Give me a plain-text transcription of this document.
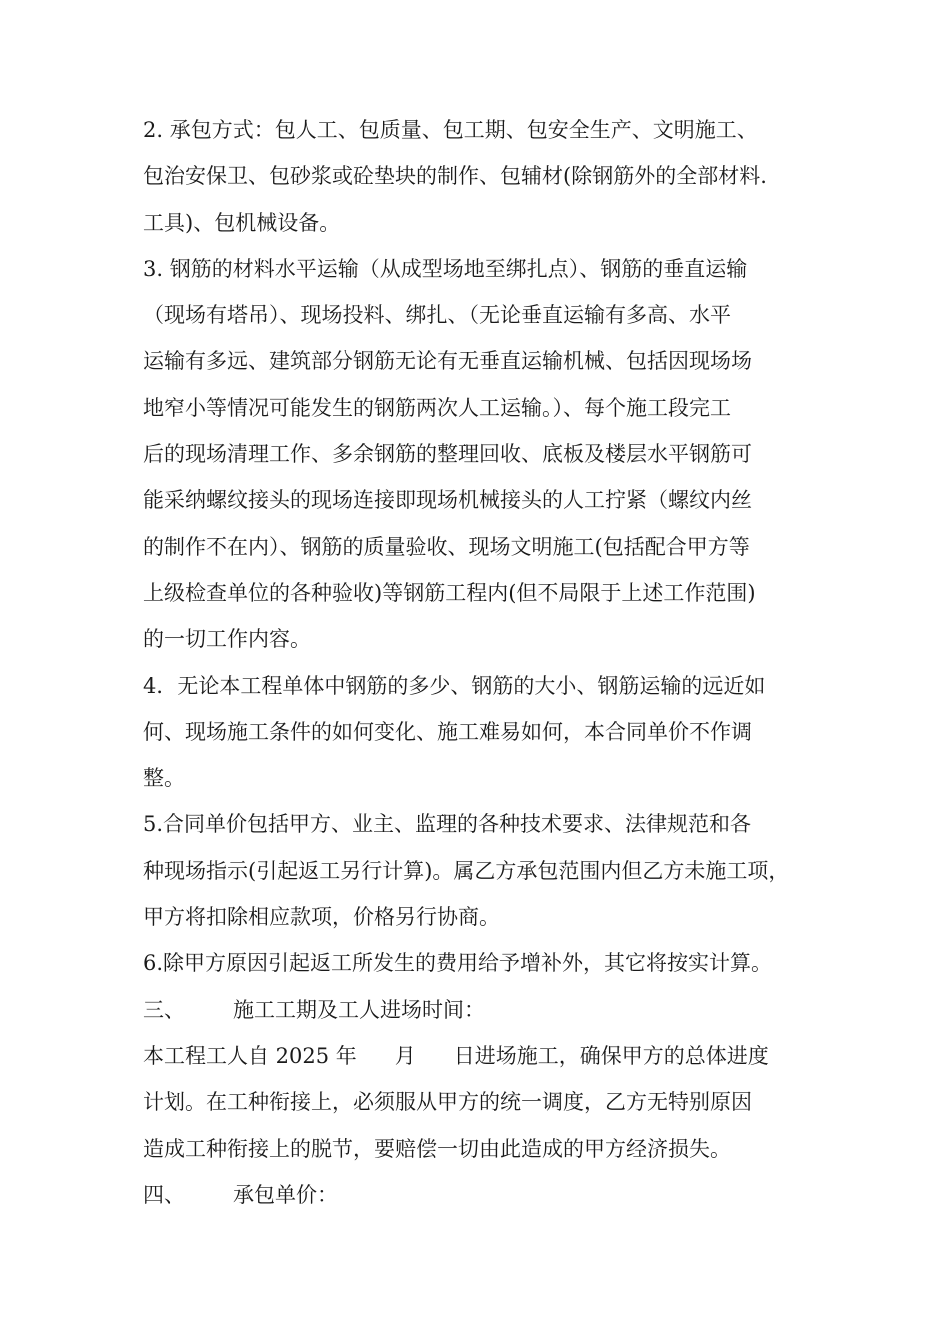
2. 承包方式：包人工、包质量、包工期、包安全生产、文明施工、
包治安保卫、包砂浆或砼垫块的制作、包辅材(除钢筋外的全部材料.
工具)、包机械设备。
3. 钢筋的材料水平运输（从成型场地至绑扎点）、钢筋的垂直运输
（现场有塔吊）、现场投料、绑扎、（无论垂直运输有多高、水平
运输有多远、建筑部分钢筋无论有无垂直运输机械、包括因现场场
地窄小等情况可能发生的钢筋两次人工运输。）、每个施工段完工
后的现场清理工作、多余钢筋的整理回收、底板及楼层水平钢筋可
能采纳螺纹接头的现场连接即现场机械接头的人工拧紧（螺纹内丝
的制作不在内）、钢筋的质量验收、现场文明施工(包括配合甲方等
上级检查单位的各种验收)等钢筋工程内(但不局限于上述工作范围)
的一切工作内容。
4．无论本工程单体中钢筋的多少、钢筋的大小、钢筋运输的远近如
何、现场施工条件的如何变化、施工难易如何，本合同单价不作调
整。
5.合同单价包括甲方、业主、监理的各种技术要求、法律规范和各
种现场指示(引起返工另行计算)。属乙方承包范围内但乙方未施工项，
甲方将扣除相应款项，价格另行协商。
6.除甲方原因引起返工所发生的费用给予增补外，其它将按实计算。
三、 施工工期及工人进场时间：
本工程工人自 2025 年 月 日进场施工，确保甲方的总体进度
计划。在工种衔接上，必须服从甲方的统一调度，乙方无特别原因
造成工种衔接上的脱节，要赔偿一切由此造成的甲方经济损失。
四、 承包单价：
